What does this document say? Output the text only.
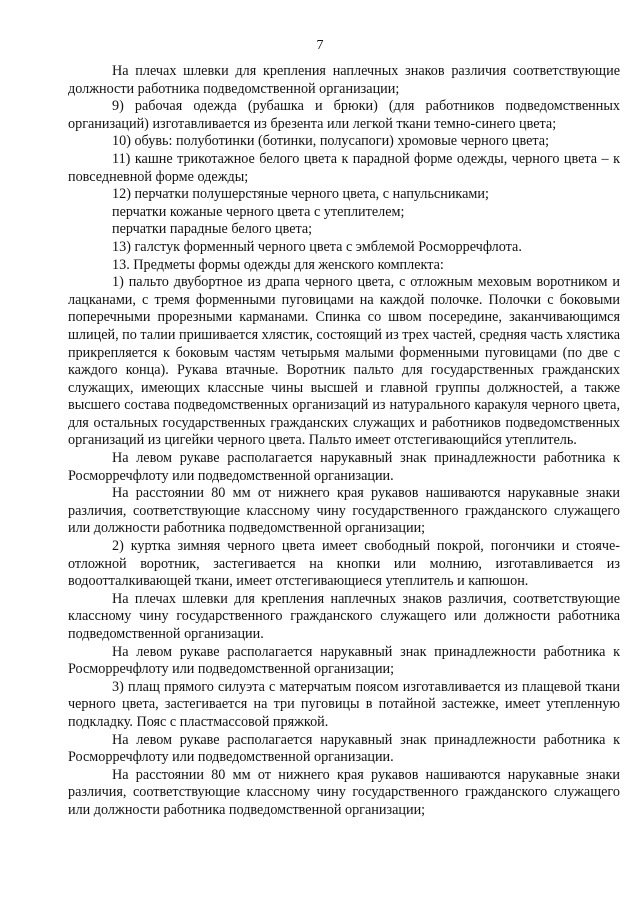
7

На плечах шлевки для крепления наплечных знаков различия соответствующие должности работника подведомственной организации;

9) рабочая одежда (рубашка и брюки) (для работников подведомственных организаций) изготавливается из брезента или легкой ткани темно-синего цвета;

10) обувь: полуботинки (ботинки, полусапоги) хромовые черного цвета;

11) кашне трикотажное белого цвета к парадной форме одежды, черного цвета – к повседневной форме одежды;

12) перчатки полушерстяные черного цвета, с напульсниками;

перчатки кожаные черного цвета с утеплителем;

перчатки парадные белого цвета;

13) галстук форменный черного цвета с эмблемой Росморречфлота.

13. Предметы формы одежды для женского комплекта:

1) пальто двубортное из драпа черного цвета, с отложным меховым воротником и лацканами, с тремя форменными пуговицами на каждой полочке. Полочки с боковыми поперечными прорезными карманами. Спинка со швом посередине, заканчивающимся шлицей, по талии пришивается хлястик, состоящий из трех частей, средняя часть хлястика прикрепляется к боковым частям четырьмя малыми форменными пуговицами (по две с каждого конца). Рукава втачные. Воротник пальто для государственных гражданских служащих, имеющих классные чины высшей и главной группы должностей, а также высшего состава подведомственных организаций из натурального каракуля черного цвета, для остальных государственных гражданских служащих и работников подведомственных организаций из цигейки черного цвета. Пальто имеет отстегивающийся утеплитель.

На левом рукаве располагается нарукавный знак принадлежности работника к Росморречфлоту или подведомственной организации.

На расстоянии 80 мм от нижнего края рукавов нашиваются нарукавные знаки различия, соответствующие классному чину государственного гражданского служащего или должности работника подведомственной организации;

2) куртка зимняя черного цвета имеет свободный покрой, погончики и стояче-отложной воротник, застегивается на кнопки или молнию, изготавливается из водоотталкивающей ткани, имеет отстегивающиеся утеплитель и капюшон.

На плечах шлевки для крепления наплечных знаков различия, соответствующие классному чину государственного гражданского служащего или должности работника подведомственной организации.

На левом рукаве располагается нарукавный знак принадлежности работника к Росморречфлоту или подведомственной организации;

3) плащ прямого силуэта с матерчатым поясом изготавливается из плащевой ткани черного цвета, застегивается на три пуговицы в потайной застежке, имеет утепленную подкладку. Пояс с пластмассовой пряжкой.

На левом рукаве располагается нарукавный знак принадлежности работника к Росморречфлоту или подведомственной организации.

На расстоянии 80 мм от нижнего края рукавов нашиваются нарукавные знаки различия, соответствующие классному чину государственного гражданского служащего или должности работника подведомственной организации;
